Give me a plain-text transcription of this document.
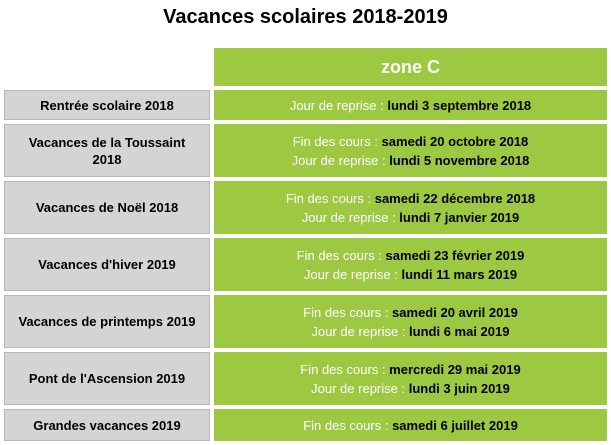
Vacances scolaires 2018-2019
zone C
Rentrée scolaire 2018	Jour de reprise : lundi 3 septembre 2018
Vacances de la Toussaint 2018
Fin des cours : samedi 20 octobre 2018
Jour de reprise : lundi 5 novembre 2018
Vacances de Noël 2018
Fin des cours : samedi 22 décembre 2018
Jour de reprise : lundi 7 janvier 2019
Vacances d'hiver 2019
Fin des cours : samedi 23 février 2019
Jour de reprise : lundi 11 mars 2019
Vacances de printemps 2019
Fin des cours : samedi 20 avril 2019
Jour de reprise : lundi 6 mai 2019
Pont de l'Ascension 2019
Fin des cours : mercredi 29 mai 2019
Jour de reprise : lundi 3 juin 2019
Grandes vacances 2019	Fin des cours : samedi 6 juillet 2019
